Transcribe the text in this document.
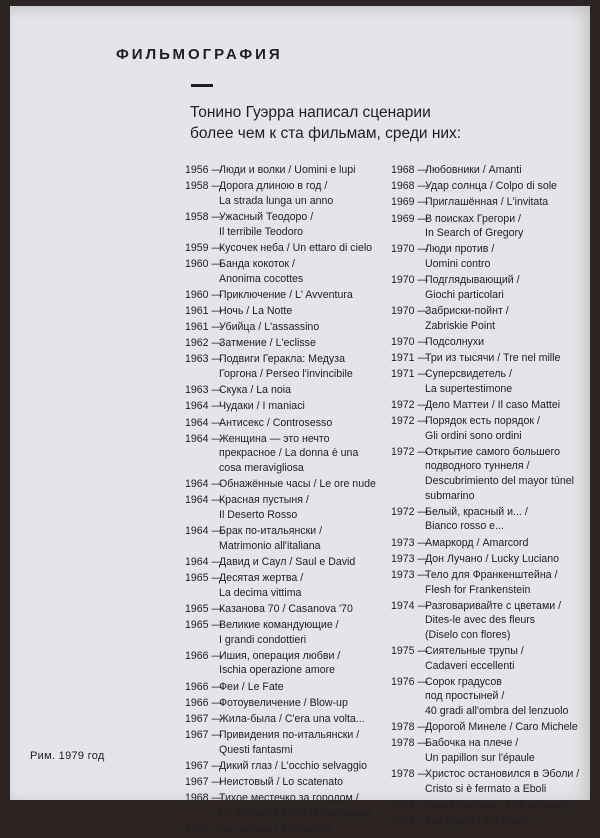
ФИЛЬМОГРАФИЯ
Тонино Гуэрра написал сценарии
более чем к ста фильмам, среди них:
1956 —
Люди и волки / Uomini e lupi
1958 —
Дорога длиною в год /
La strada lunga un anno
1958 —
Ужасный Теодоро /
Il terribile Teodoro
1959 —
Кусочек неба / Un ettaro di cielo
1960 —
Банда кокоток /
Anonima cocottes
1960 —
Приключение / L' Avventura
1961 —
Ночь / La Notte
1961 —
Убийца / L'assassino
1962 —
Затмение / L'eclisse
1963 —
Подвиги Геракла: Медуза
Горгона / Perseo l'invincibile
1963 —
Скука / La noia
1964 —
Чудаки / I maniaci
1964 —
Антисекс / Controsesso
1964 —
Женщина — это нечто
прекрасное / La donna è una
cosa meravigliosa
1964 —
Обнажённые часы / Le ore nude
1964 —
Красная пустыня /
Il Deserto Rosso
1964 —
Брак по-итальянски /
Matrimonio all'italiana
1964 —
Давид и Саул / Saul e David
1965 —
Десятая жертва /
La decima vittima
1965 —
Казанова 70 / Casanova '70
1965 —
Великие командующие /
I grandi condottieri
1966 —
Ишия, операция любви /
Ischia operazione amore
1966 —
Феи / Le Fate
1966 —
Фотоувеличение / Blow-up
1967 —
Жила-была / C'era una volta...
1967 —
Привидения по-итальянски /
Questi fantasmi
1967 —
Дикий глаз / L'occhio selvaggio
1967 —
Неистовый / Lo scatenato
1968 —
Тихое местечко за городом /
Un tranquillo posto di campagna
1968 —
Да, синьор / Sissignore
1968 —
Любовники / Amanti
1968 —
Удар солнца / Colpo di sole
1969 —
Приглашённая / L'invitata
1969 —
В поисках Грегори /
In Search of Gregory
1970 —
Люди против /
Uomini contro
1970 —
Подглядывающий /
Giochi particolari
1970 —
Забриски-пойнт /
Zabriskie Point
1970 —
Подсолнухи
1971 —
Три из тысячи / Tre nel mille
1971 —
Суперсвидетель /
La supertestimone
1972 —
Дело Маттеи / Il caso Mattei
1972 —
Порядок есть порядок /
Gli ordini sono ordini
1972 —
Открытие самого большего
подводного туннеля /
Descubrimiento del mayor túnel
submarino
1972 —
Белый, красный и... /
Bianco rosso e...
1973 —
Амаркорд / Amarcord
1973 —
Дон Лучано / Lucky Luciano
1973 —
Тело для Франкенштейна /
Flesh for Frankenstein
1974 —
Разговаривайте с цветами /
Dites-le avec des fleurs
(Diselo con flores)
1975 —
Сиятельные трупы /
Cadaveri eccellenti
1976 —
Сорок градусов
под простыней /
40 gradi all'ombra del lenzuolo
1978 —
Дорогой Минеле / Caro Michele
1978 —
Бабочка на плече /
Un papillon sur l'épaule
1978 —
Христос остановился в Эболи /
Cristo si è fermato a Eboli
1979 —
Дикие постели / Letti selvaggi
1981 —
Три брата / Tre fratelli
Рим. 1979 год
